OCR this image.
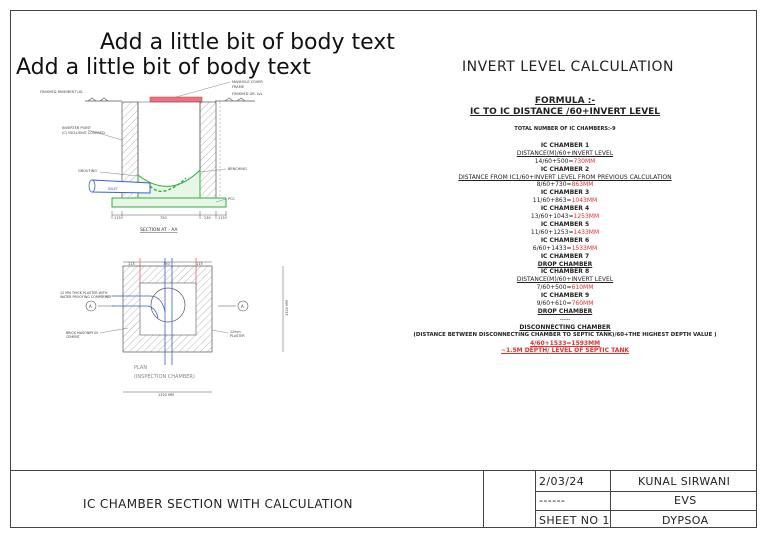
Add a little bit of body text
Add a little bit of body text
115	750	230 115
MANHOLE COVER
FRAME
FINISHED PAVEMENT LVL	FINISHED GR. LVL
INVERTER POINT
(C) INCLUSIVE COVERED
GROUTING
INLET
BENCHING
PCC
SECTION AT - AA
115	750	115
A	A	1320 MM
1320 MM
12 MM THICK PLASTER WITH
WATER PROOFING COMPOUND
BRICK MASONRY IN
CEMENT
12mm
PLASTER
PLAN
(INSPECTION CHAMBER)
INVERT LEVEL CALCULATION
FORMULA :-
IC TO IC DISTANCE /60+INVERT LEVEL
TOTAL NUMBER OF IC CHAMBERS:-9
IC CHAMBER 1
DISTANCE(M)/60+INVERT LEVEL
14/60+500=730MM
IC CHAMBER 2
DISTANCE FROM IC1/60+INVERT LEVEL FROM PREVIOUS CALCULATION
8/60+730=863MM
IC CHAMBER 3
11/60+863=1043MM
IC CHAMBER 4
13/60+1043=1253MM
IC CHAMBER 5
11/60+1253=1433MM
IC CHAMBER 6
6/60+1433=1533MM
IC CHAMBER 7
DROP CHAMBER
IC CHAMBER 8
DISTANCE(M)/60+INVERT LEVEL
7/60+500=610MM
IC CHAMBER 9
9/60+610=760MM
DROP CHAMBER
-----
DISCONNECTING CHAMBER
(DISTANCE BETWEEN DISCONNECTING CHAMBER TO SEPTIC TANK)/60+THE HIGHEST DEPTH VALUE )
4/60+1533=1593MM
~1.5M DEPTH/ LEVEL OF SEPTIC TANK
IC CHAMBER SECTION WITH CALCULATION
2/03/24	KUNAL SIRWANI
------	EVS
SHEET NO 1	DYPSOA
